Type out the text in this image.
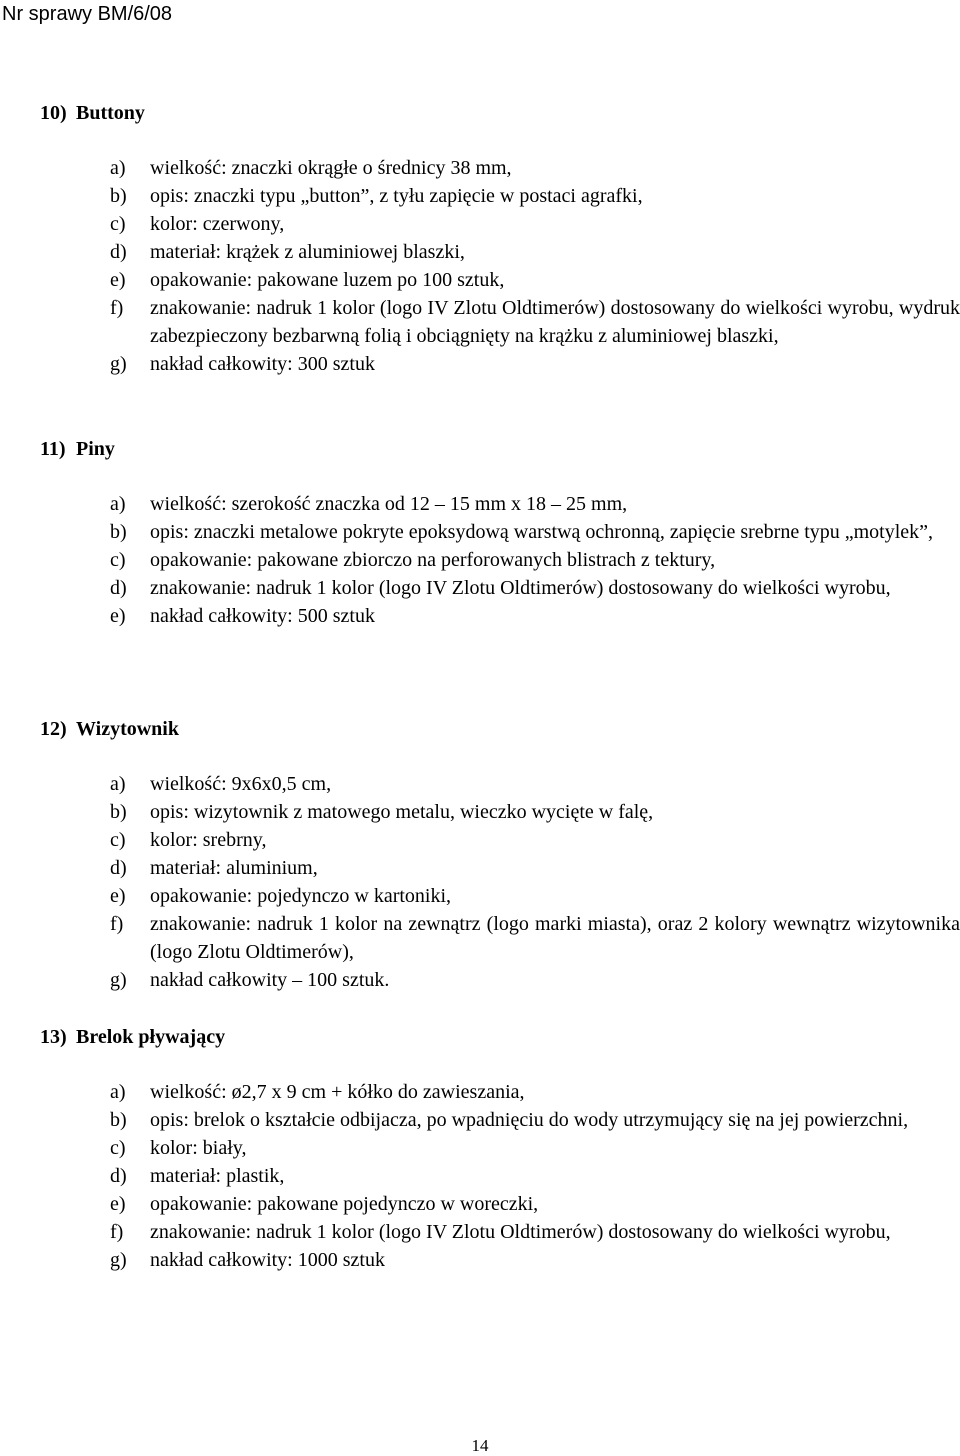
Nr sprawy BM/6/08
10) Buttony
a) wielkość: znaczki okrągłe o średnicy 38 mm,
b) opis: znaczki typu „button”, z tyłu zapięcie w postaci agrafki,
c) kolor: czerwony,
d) materiał: krążek z aluminiowej blaszki,
e) opakowanie: pakowane luzem po 100 sztuk,
f) znakowanie: nadruk 1 kolor (logo IV Zlotu Oldtimerów) dostosowany do wielkości wyrobu, wydruk zabezpieczony bezbarwną folią i obciągnięty na krążku z aluminiowej blaszki,
g) nakład całkowity: 300 sztuk
11) Piny
a) wielkość: szerokość znaczka od 12 – 15 mm x 18 – 25 mm,
b) opis: znaczki metalowe pokryte epoksydową warstwą ochronną, zapięcie srebrne typu „motylek”,
c) opakowanie: pakowane zbiorczo na perforowanych blistrach z tektury,
d) znakowanie: nadruk 1 kolor (logo IV Zlotu Oldtimerów) dostosowany do wielkości wyrobu,
e) nakład całkowity: 500 sztuk
12) Wizytownik
a) wielkość: 9x6x0,5 cm,
b) opis: wizytownik z matowego metalu, wieczko wycięte w falę,
c) kolor: srebrny,
d) materiał: aluminium,
e) opakowanie: pojedynczo w kartoniki,
f) znakowanie: nadruk 1 kolor na zewnątrz (logo marki miasta), oraz 2 kolory wewnątrz wizytownika (logo Zlotu Oldtimerów),
g) nakład całkowity – 100 sztuk.
13) Brelok pływający
a) wielkość: ø2,7 x 9 cm + kółko do zawieszania,
b) opis: brelok o kształcie odbijacza, po wpadnięciu do wody utrzymujący się na jej powierzchni,
c) kolor: biały,
d) materiał: plastik,
e) opakowanie: pakowane pojedynczo w woreczki,
f) znakowanie: nadruk 1 kolor (logo IV Zlotu Oldtimerów) dostosowany do wielkości wyrobu,
g) nakład całkowity: 1000 sztuk
14
